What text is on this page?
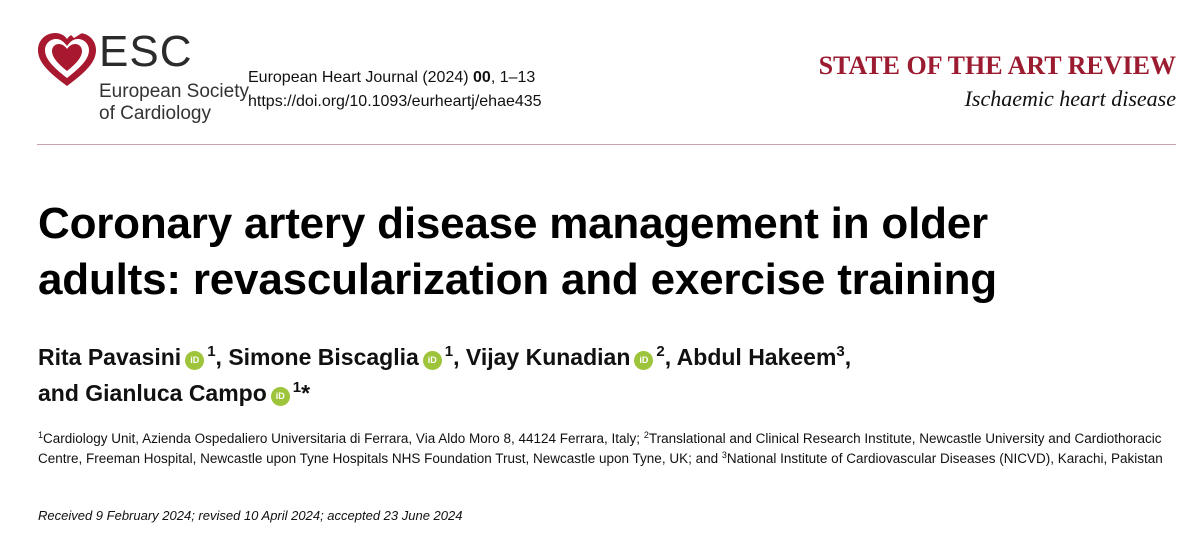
ESC
European Society
of Cardiology
European Heart Journal (2024) 00, 1–13
https://doi.org/10.1093/eurheartj/ehae435
STATE OF THE ART REVIEW
Ischaemic heart disease
Coronary artery disease management in older
adults: revascularization and exercise training
Rita Pavasini iD $^1$, Simone Biscaglia iD $^1$, Vijay Kunadian iD $^2$, Abdul Hakeem$^3$,
and Gianluca Campo iD $^1$*
$^1$Cardiology Unit, Azienda Ospedaliero Universitaria di Ferrara, Via Aldo Moro 8, 44124 Ferrara, Italy; $^2$Translational and Clinical Research Institute, Newcastle University and Cardiothoracic Centre, Freeman Hospital, Newcastle upon Tyne Hospitals NHS Foundation Trust, Newcastle upon Tyne, UK; and $^3$National Institute of Cardiovascular Diseases (NICVD), Karachi, Pakistan
Received 9 February 2024; revised 10 April 2024; accepted 23 June 2024
